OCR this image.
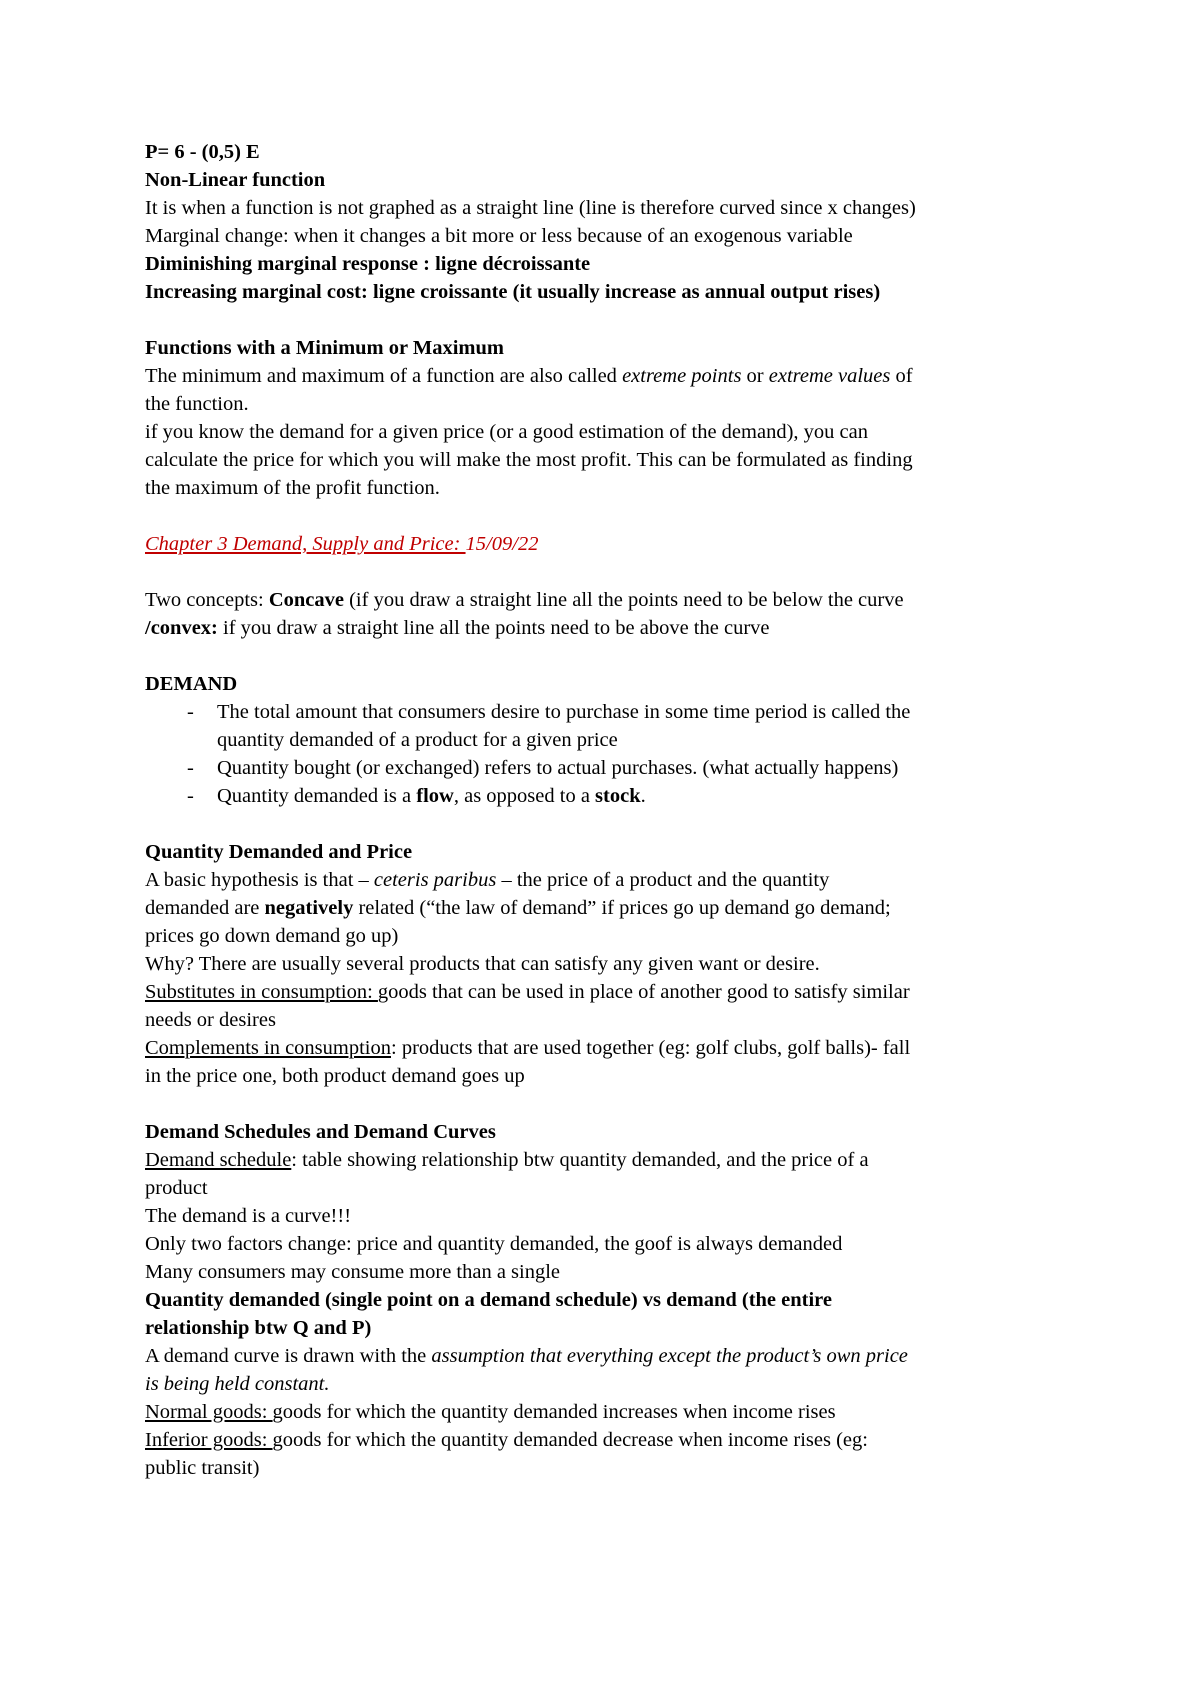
P= 6 - (0,5) E
Non-Linear function
It is when a function is not graphed as a straight line (line is therefore curved since x changes)
Marginal change: when it changes a bit more or less because of an exogenous variable
Diminishing marginal response : ligne décroissante
Increasing marginal cost: ligne croissante (it usually increase as annual output rises)
Functions with a Minimum or Maximum
The minimum and maximum of a function are also called extreme points or extreme values of
the function.
if you know the demand for a given price (or a good estimation of the demand), you can
calculate the price for which you will make the most profit. This can be formulated as finding
the maximum of the profit function.
Chapter 3 Demand, Supply and Price: 15/09/22
Two concepts: Concave (if you draw a straight line all the points need to be below the curve
/convex: if you draw a straight line all the points need to be above the curve
DEMAND
- The total amount that consumers desire to purchase in some time period is called the
quantity demanded of a product for a given price
- Quantity bought (or exchanged) refers to actual purchases. (what actually happens)
- Quantity demanded is a flow, as opposed to a stock.
Quantity Demanded and Price
A basic hypothesis is that – ceteris paribus – the price of a product and the quantity
demanded are negatively related (“the law of demand” if prices go up demand go demand;
prices go down demand go up)
Why? There are usually several products that can satisfy any given want or desire.
Substitutes in consumption: goods that can be used in place of another good to satisfy similar
needs or desires
Complements in consumption: products that are used together (eg: golf clubs, golf balls)- fall
in the price one, both product demand goes up
Demand Schedules and Demand Curves
Demand schedule: table showing relationship btw quantity demanded, and the price of a
product
The demand is a curve!!!
Only two factors change: price and quantity demanded, the goof is always demanded
Many consumers may consume more than a single
Quantity demanded (single point on a demand schedule) vs demand (the entire
relationship btw Q and P)
A demand curve is drawn with the assumption that everything except the product’s own price
is being held constant.
Normal goods: goods for which the quantity demanded increases when income rises
Inferior goods: goods for which the quantity demanded decrease when income rises (eg:
public transit)
